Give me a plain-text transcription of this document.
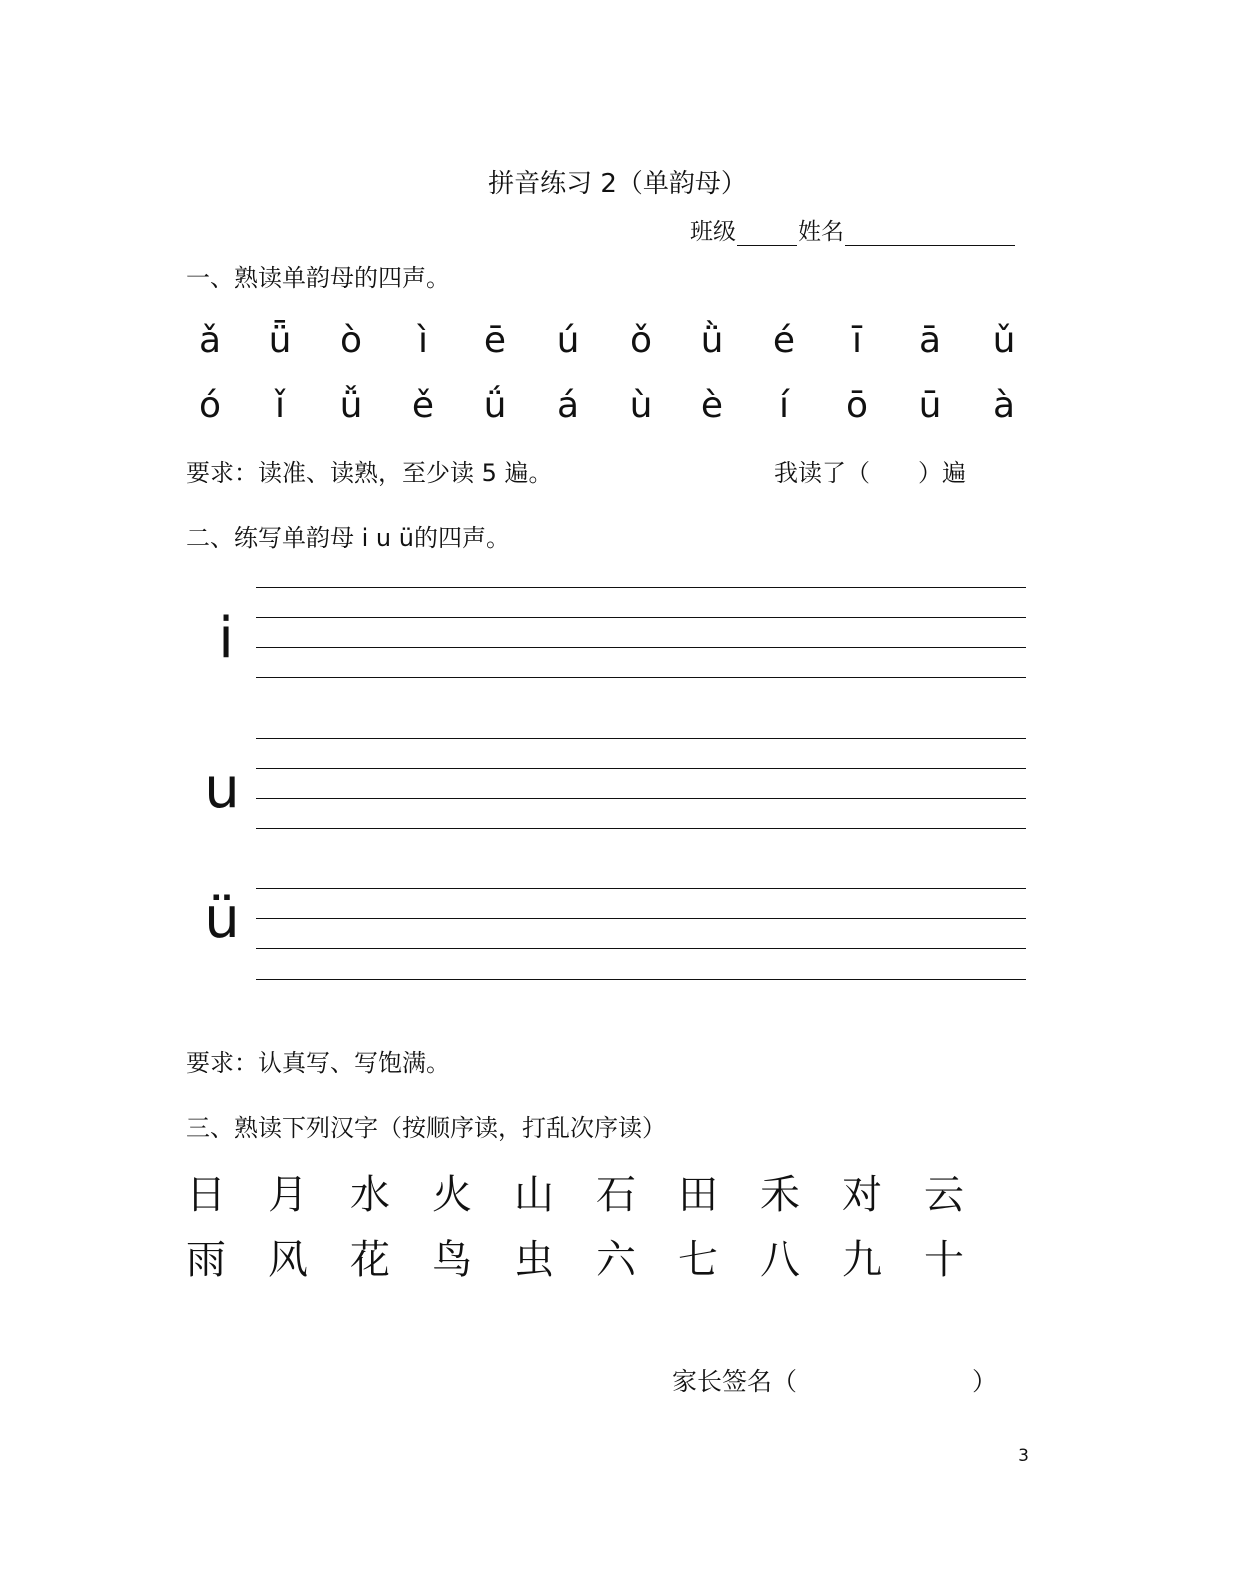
拼音练习 2（单韵母）
班级	姓名
一、熟读单韵母的四声。
ǎ	ǖ	ò	ì	ē	ú	ǒ	ǜ	é	ī	ā	ǔ
ó	ǐ	ǚ	ě	ǘ	á	ù	è	í	ō	ū	à
要求：读准、读熟，至少读 5 遍。	我读了（　　）遍
二、练写单韵母 i u ü的四声。
i
u
ü
要求：认真写、写饱满。
三、熟读下列汉字（按顺序读，打乱次序读）
日 月 水 火 山 石 田 禾 对 云
雨 风 花 鸟 虫 六 七 八 九 十
家长签名（　　　　　　　）
3
